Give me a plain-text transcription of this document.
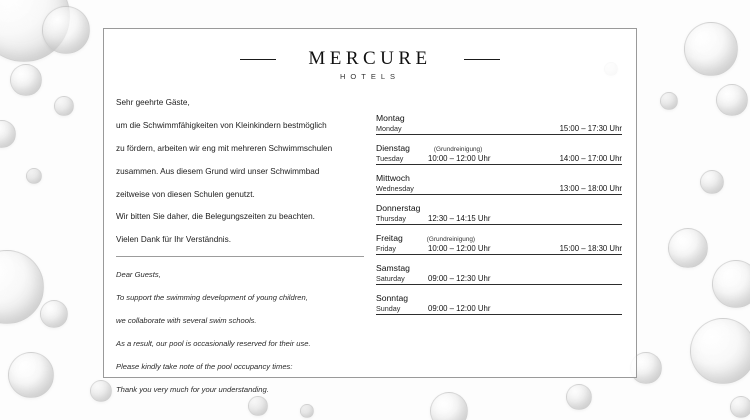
MERCURE
HOTELS

Sehr geehrte Gäste,

um die Schwimmfähigkeiten von Kleinkindern bestmöglich

zu fördern, arbeiten wir eng mit mehreren Schwimmschulen

zusammen. Aus diesem Grund wird unser Schwimmbad

zeitweise von diesen Schulen genutzt.

Wir bitten Sie daher, die Belegungszeiten zu beachten.

Vielen Dank für Ihr Verständnis.

Dear Guests,

To support the swimming development of young children,

we collaborate with several swim schools.

As a result, our pool is occasionally reserved for their use.

Please kindly take note of the pool occupancy times:

Thank you very much for your understanding.

Montag
Monday	15:00 – 17:30 Uhr
Dienstag	(Grundreinigung)
Tuesday	10:00 – 12:00 Uhr	14:00 – 17:00 Uhr
Mittwoch
Wednesday	13:00 – 18:00 Uhr
Donnerstag
Thursday	12:30 – 14:15 Uhr
Freitag	(Grundreinigung)
Friday	10:00 – 12:00 Uhr	15:00 – 18:30 Uhr
Samstag
Saturday	09:00 – 12:30 Uhr
Sonntag
Sunday	09:00 – 12:00 Uhr
